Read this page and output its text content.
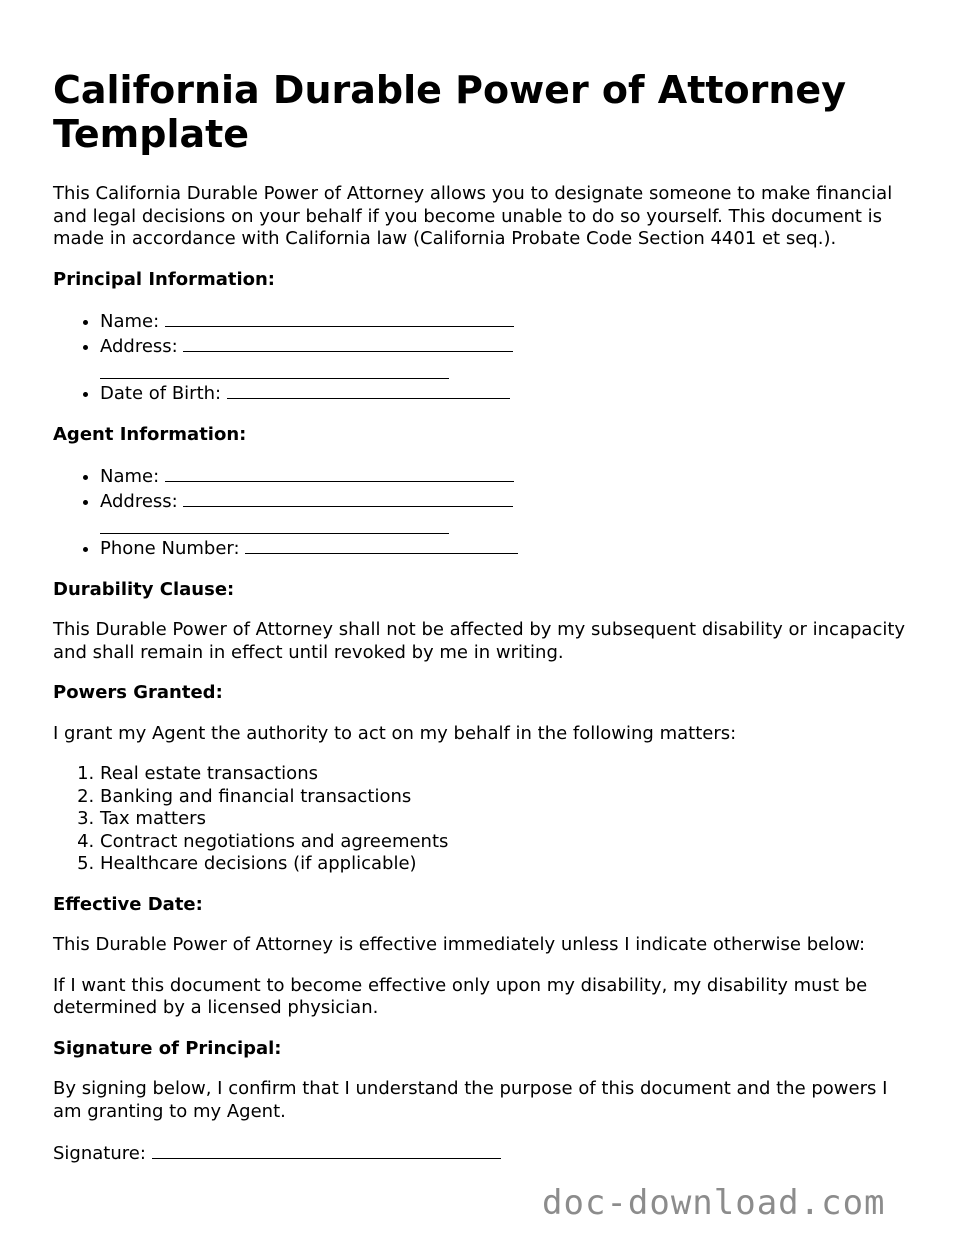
California Durable Power of Attorney Template

This California Durable Power of Attorney allows you to designate someone to make financial and legal decisions on your behalf if you become unable to do so yourself. This document is made in accordance with California law (California Probate Code Section 4401 et seq.).

Principal Information:

• Name:
• Address:
• Date of Birth:

Agent Information:

• Name:
• Address:
• Phone Number:

Durability Clause:

This Durable Power of Attorney shall not be affected by my subsequent disability or incapacity and shall remain in effect until revoked by me in writing.

Powers Granted:

I grant my Agent the authority to act on my behalf in the following matters:

1. Real estate transactions
2. Banking and financial transactions
3. Tax matters
4. Contract negotiations and agreements
5. Healthcare decisions (if applicable)

Effective Date:

This Durable Power of Attorney is effective immediately unless I indicate otherwise below:

If I want this document to become effective only upon my disability, my disability must be determined by a licensed physician.

Signature of Principal:

By signing below, I confirm that I understand the purpose of this document and the powers I am granting to my Agent.

Signature:

doc-download.com
